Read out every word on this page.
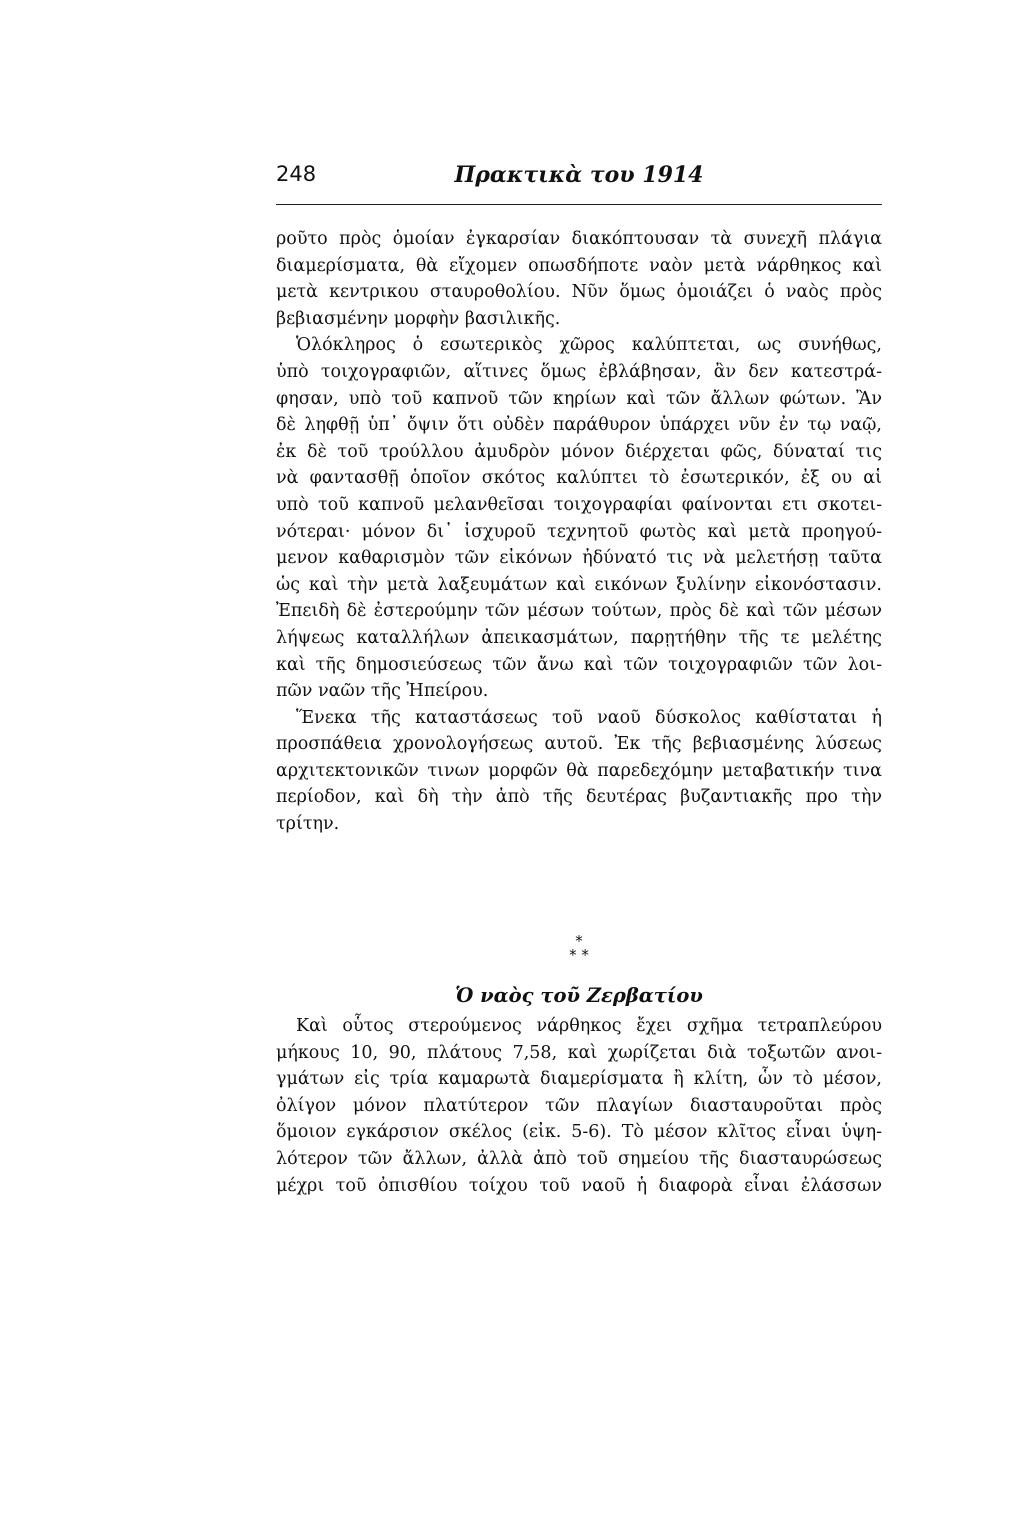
248	Πρακτικὰ του 1914
ροῦτο πρὸς ὁμοίαν ἐγκαρσίαν διακόπτουσαν τὰ συνεχῆ πλάγια
διαμερίσματα, θὰ εἴχομεν οπωσδήποτε ναὸν μετὰ νάρθηκος καὶ
μετὰ κεντρικου σταυροθολίου. Νῦν ὅμως ὁμοιάζει ὁ ναὸς πρὸς
βεβιασμένην μορφὴν βασιλικῆς.
Ὁλόκληρος ὁ εσωτερικὸς χῶρος καλύπτεται, ως συνήθως,
ὑπὸ τοιχογραφιῶν, αἵτινες ὅμως ἐβλάβησαν, ἂν δεν κατεστρά-
φησαν, υπὸ τοῦ καπνοῦ τῶν κηρίων καὶ τῶν ἄλλων φώτων. Ἂν
δὲ ληφθῇ ὑπ᾿ ὄψιν ὅτι οὐδὲν παράθυρον ὑπάρχει νῦν ἐν τῳ ναῷ,
ἐκ δὲ τοῦ τρούλλου ἀμυδρὸν μόνον διέρχεται φῶς, δύναταί τις
νὰ φαντασθῇ ὁποῖον σκότος καλύπτει τὸ ἐσωτερικόν, ἐξ ου αἱ
υπὸ τοῦ καπνοῦ μελανθεῖσαι τοιχογραφίαι φαίνονται ετι σκοτει-
νότεραι· μόνον δι᾿ ἰσχυροῦ τεχνητοῦ φωτὸς καὶ μετὰ προηγού-
μενον καθαρισμὸν τῶν εἰκόνων ἠδύνατό τις νὰ μελετήσῃ ταῦτα
ὡς καὶ τὴν μετὰ λαξευμάτων καὶ εικόνων ξυλίνην εἰκονόστασιν.
Ἐπειδὴ δὲ ἐστερούμην τῶν μέσων τούτων, πρὸς δὲ καὶ τῶν μέσων
λήψεως καταλλήλων ἀπεικασμάτων, παρῃτήθην τῆς τε μελέτης
καὶ τῆς δημοσιεύσεως τῶν ἄνω καὶ τῶν τοιχογραφιῶν τῶν λοι-
πῶν ναῶν τῆς Ἠπείρου.
Ἕνεκα τῆς καταστάσεως τοῦ ναοῦ δύσκολος καθίσταται ἡ
προσπάθεια χρονολογήσεως αυτοῦ. Ἐκ τῆς βεβιασμένης λύσεως
αρχιτεκτονικῶν τινων μορφῶν θὰ παρεδεχόμην μεταβατικήν τινα
περίοδον, καὶ δὴ τὴν ἀπὸ τῆς δευτέρας βυζαντιακῆς προ τὴν
τρίτην.
*
* *
Ὁ ναὸς τοῦ Ζερβατίου
Καὶ οὗτος στερούμενος νάρθηκος ἔχει σχῆμα τετραπλεύρου
μήκους 10, 90, πλάτους 7,58, καὶ χωρίζεται διὰ τοξωτῶν ανοι-
γμάτων εἰς τρία καμαρωτὰ διαμερίσματα ἢ κλίτη, ὧν τὸ μέσον,
ὀλίγον μόνον πλατύτερον τῶν πλαγίων διασταυροῦται πρὸς
ὅμοιον εγκάρσιον σκέλος (εἰκ. 5-6). Τὸ μέσον κλῖτος εἶναι ὑψη-
λότερον τῶν ἄλλων, ἀλλὰ ἀπὸ τοῦ σημείου τῆς διασταυρώσεως
μέχρι τοῦ ὀπισθίου τοίχου τοῦ ναοῦ ἡ διαφορὰ εἶναι ἐλάσσων
